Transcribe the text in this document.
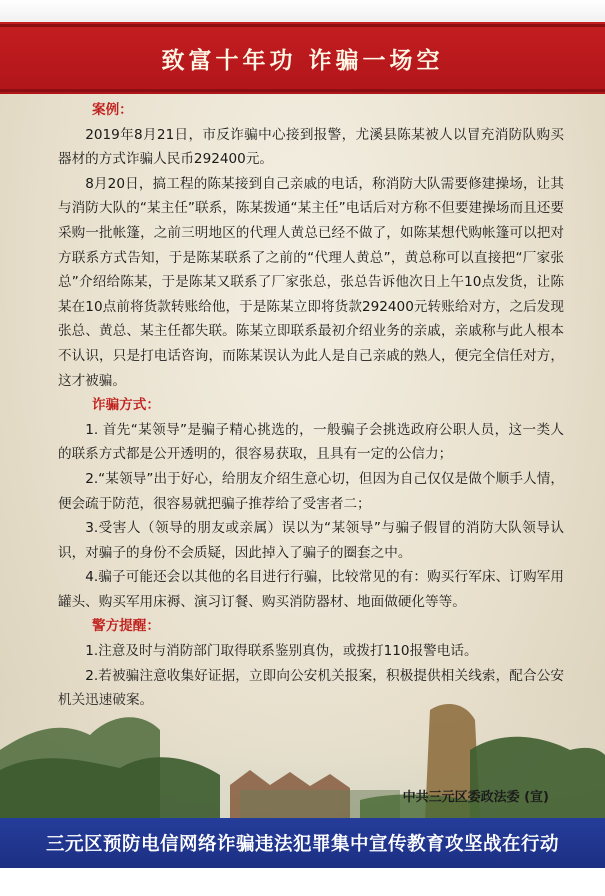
致富十年功 诈骗一场空
案例：

2019年8月21日，市反诈骗中心接到报警，尤溪县陈某被人以冒充消防队购买器材的方式诈骗人民币292400元。

8月20日，搞工程的陈某接到自己亲戚的电话，称消防大队需要修建操场，让其与消防大队的“某主任”联系，陈某拨通“某主任”电话后对方称不但要建操场而且还要采购一批帐篷，之前三明地区的代理人黄总已经不做了，如陈某想代购帐篷可以把对方联系方式告知，于是陈某联系了之前的“代理人黄总”，黄总称可以直接把“厂家张总”介绍给陈某，于是陈某又联系了厂家张总，张总告诉他次日上午10点发货，让陈某在10点前将货款转账给他，于是陈某立即将货款292400元转账给对方，之后发现张总、黄总、某主任都失联。陈某立即联系最初介绍业务的亲戚，亲戚称与此人根本不认识，只是打电话咨询，而陈某误认为此人是自己亲戚的熟人，便完全信任对方，这才被骗。

诈骗方式：

1. 首先“某领导”是骗子精心挑选的，一般骗子会挑选政府公职人员，这一类人的联系方式都是公开透明的，很容易获取，且具有一定的公信力；

2.“某领导”出于好心，给朋友介绍生意心切，但因为自己仅仅是做个顺手人情，便会疏于防范，很容易就把骗子推荐给了受害者二；

3.受害人（领导的朋友或亲属）误以为“某领导”与骗子假冒的消防大队领导认识，对骗子的身份不会质疑，因此掉入了骗子的圈套之中。

4.骗子可能还会以其他的名目进行行骗，比较常见的有：购买行军床、订购军用罐头、购买军用床褥、演习订餐、购买消防器材、地面做硬化等等。

警方提醒：

1.注意及时与消防部门取得联系鉴别真伪，或拨打110报警电话。

2.若被骗注意收集好证据，立即向公安机关报案，积极提供相关线索，配合公安

中共三元区委政法委 (宣)
三元区预防电信网络诈骗违法犯罪集中宣传教育攻坚战在行动
